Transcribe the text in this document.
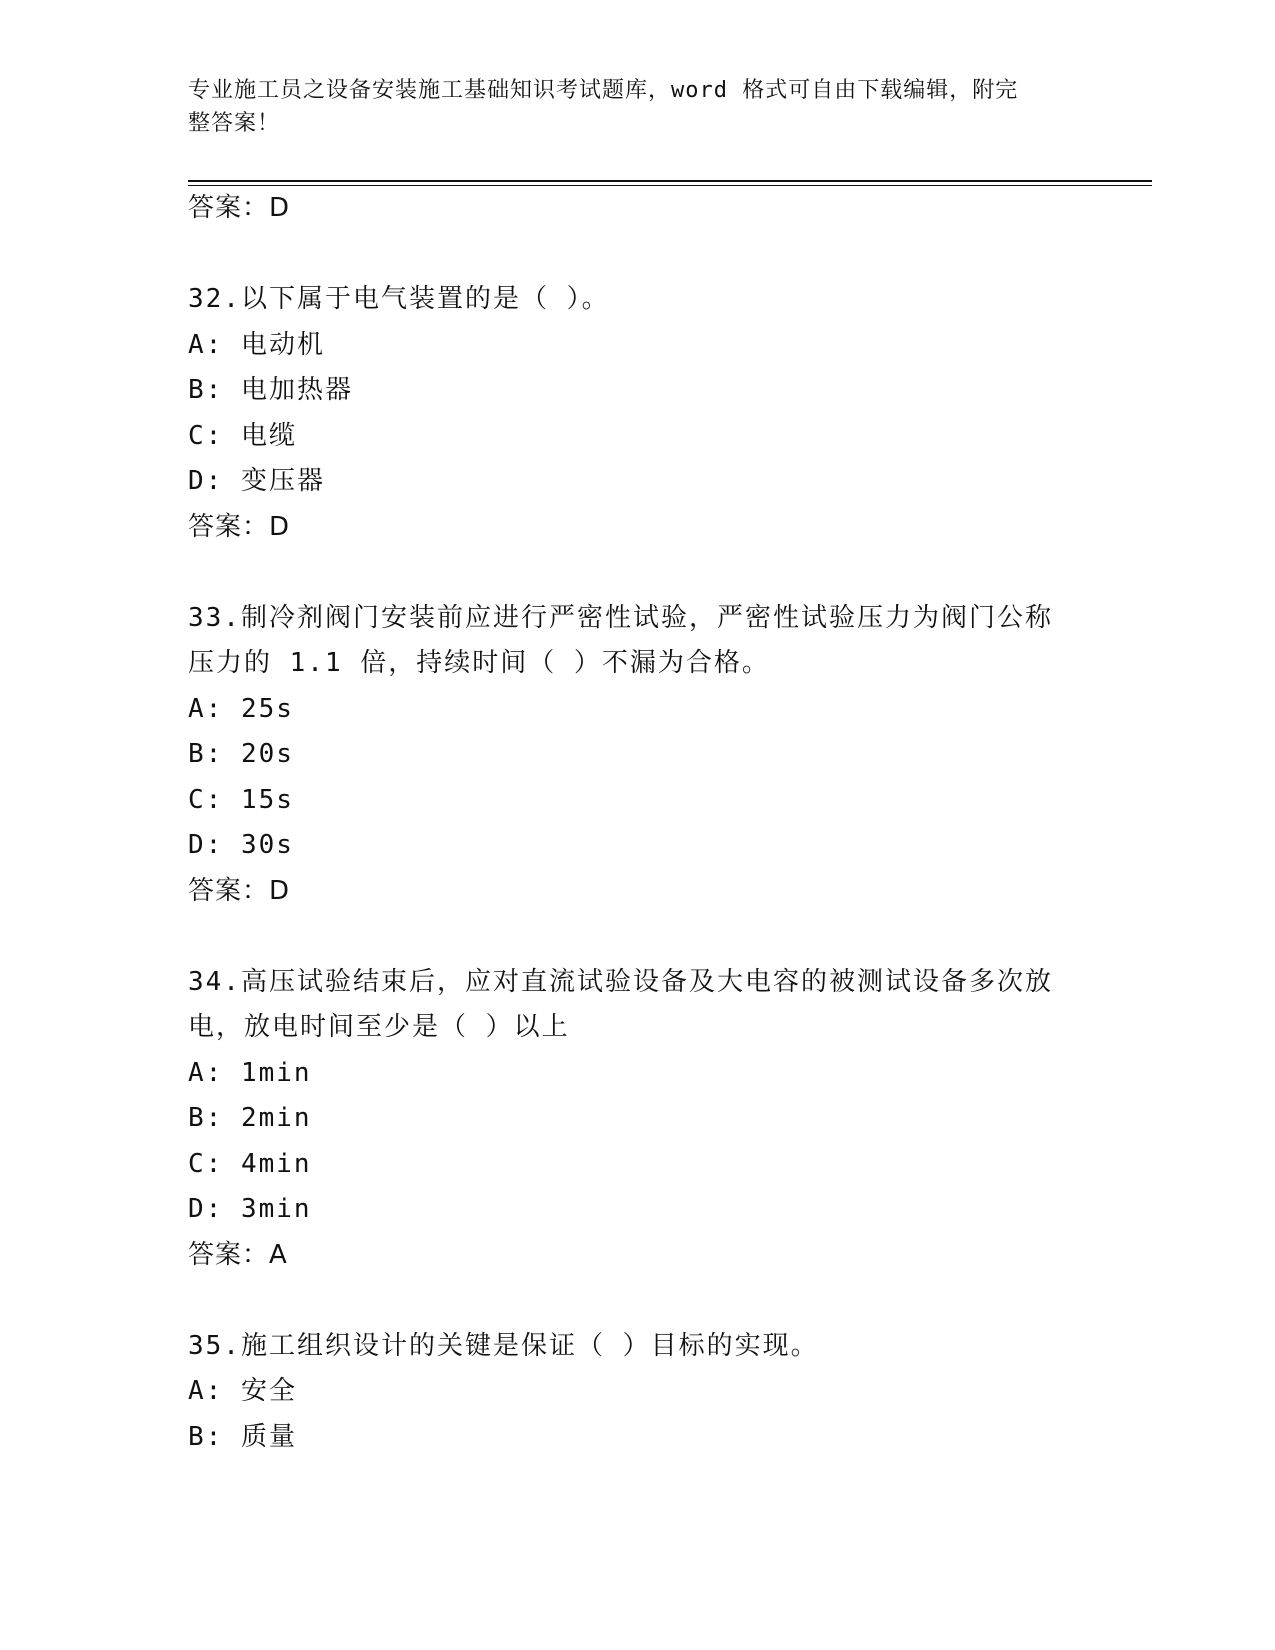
专业施工员之设备安装施工基础知识考试题库，word 格式可自由下载编辑，附完
整答案！
答案：D
32.以下属于电气装置的是（ ）。
A: 电动机
B: 电加热器
C: 电缆
D: 变压器
答案：D
33.制冷剂阀门安装前应进行严密性试验，严密性试验压力为阀门公称
压力的 1.1 倍，持续时间（ ）不漏为合格。
A: 25s
B: 20s
C: 15s
D: 30s
答案：D
34.高压试验结束后，应对直流试验设备及大电容的被测试设备多次放
电，放电时间至少是（ ）以上
A: 1min
B: 2min
C: 4min
D: 3min
答案：A
35.施工组织设计的关键是保证（ ）目标的实现。
A: 安全
B: 质量
